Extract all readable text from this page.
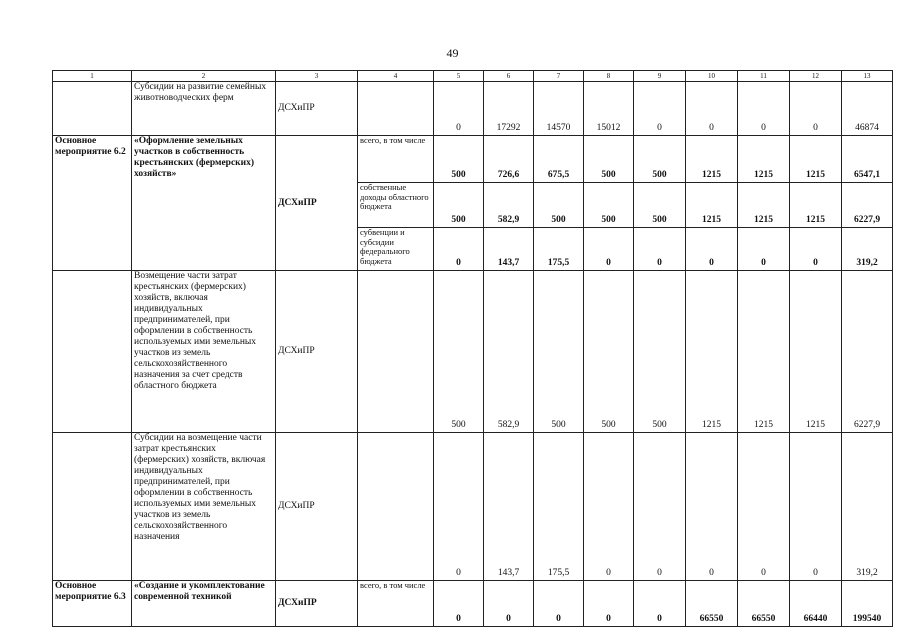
49
1	2	3	4	5	6	7	8	9	10	11	12	13
	Субсидии на развитие семейных животноводческих ферм	ДСХиПР		0	17292	14570	15012	0	0	0	0	46874
Основное мероприятие 6.2	«Оформление земельных участков в собственность крестьянских (фермерских) хозяйств»	ДСХиПР	всего, в том числе	500	726,6	675,5	500	500	1215	1215	1215	6547,1
			собственные доходы областного бюджета	500	582,9	500	500	500	1215	1215	1215	6227,9
			субвенции и субсидии федерального бюджета	0	143,7	175,5	0	0	0	0	0	319,2
	Возмещение части затрат крестьянских (фермерских) хозяйств, включая индивидуальных предпринимателей, при оформлении в собственность используемых ими земельных участков из земель сельскохозяйственного назначения за счет средств областного бюджета	ДСХиПР		500	582,9	500	500	500	1215	1215	1215	6227,9
	Субсидии на возмещение части затрат крестьянских (фермерских) хозяйств, включая индивидуальных предпринимателей, при оформлении в собственность используемых ими земельных участков из земель сельскохозяйственного назначения	ДСХиПР		0	143,7	175,5	0	0	0	0	0	319,2
Основное мероприятие 6.3	«Создание и укомплектование современной техникой	ДСХиПР	всего, в том числе	0	0	0	0	0	66550	66550	66440	199540
